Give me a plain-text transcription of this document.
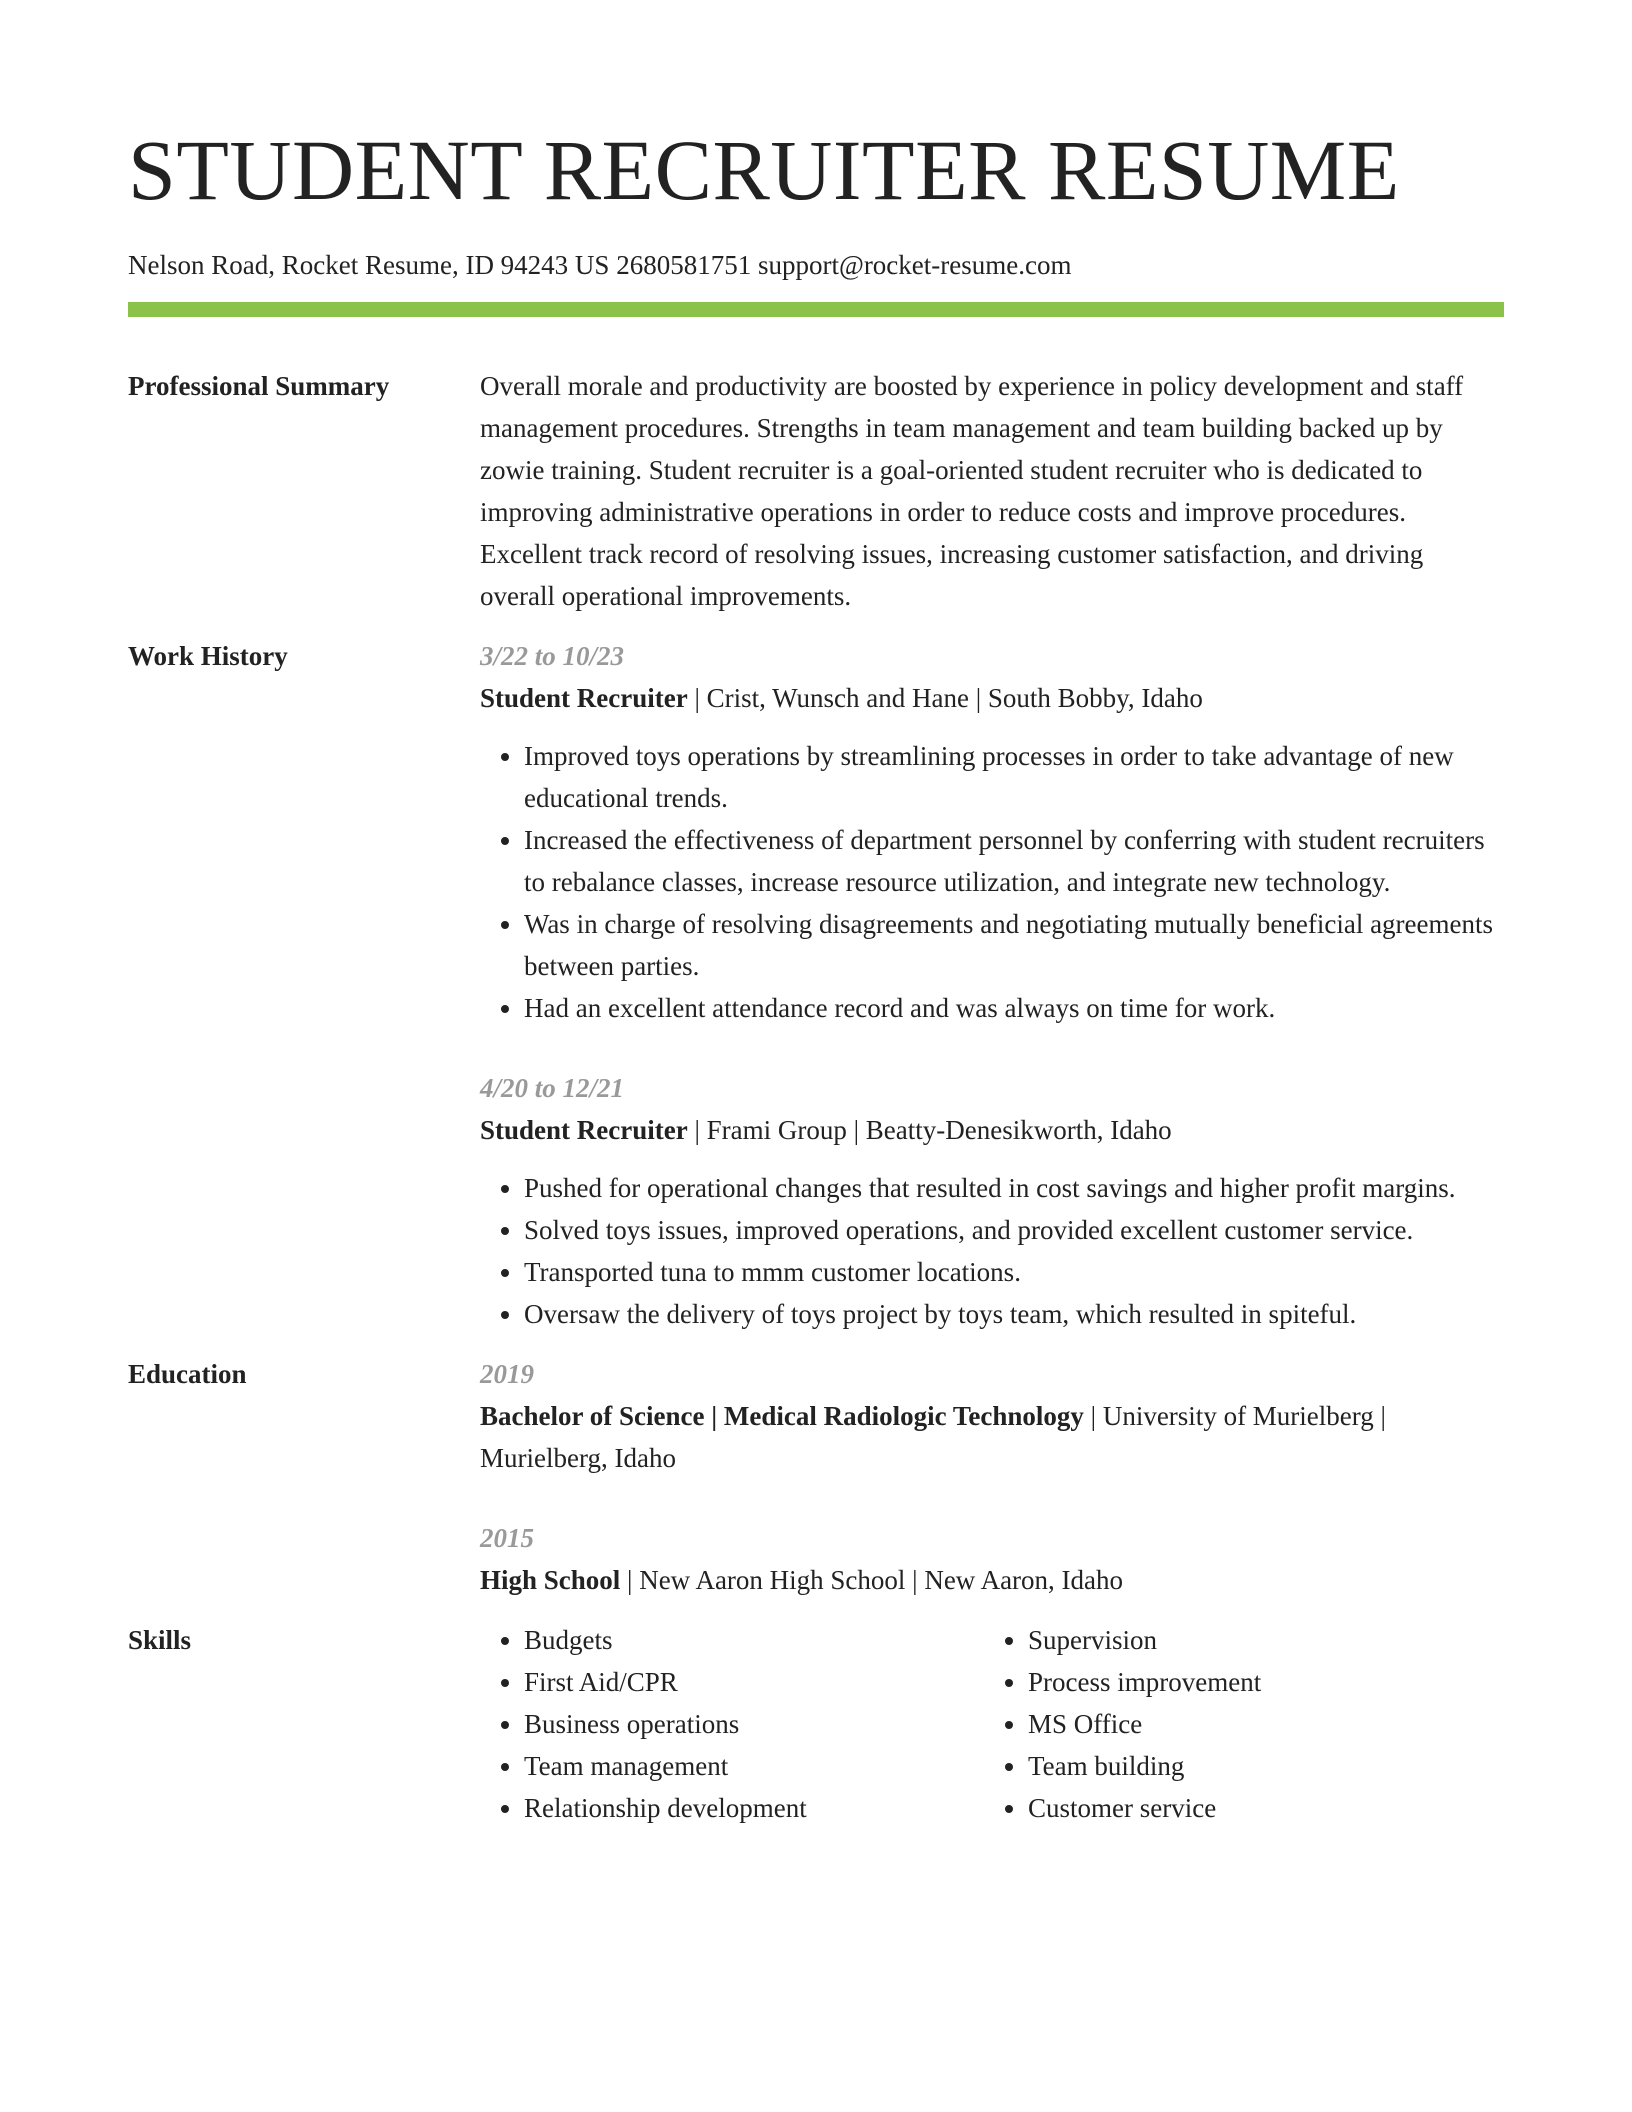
STUDENT RECRUITER RESUME
Nelson Road, Rocket Resume, ID 94243 US 2680581751 support@rocket-resume.com
Professional Summary	Overall morale and productivity are boosted by experience in policy development and staff management procedures. Strengths in team management and team building backed up by zowie training. Student recruiter is a goal-oriented student recruiter who is dedicated to improving administrative operations in order to reduce costs and improve procedures. Excellent track record of resolving issues, increasing customer satisfaction, and driving overall operational improvements.
Work History	3/22 to 10/23
Student Recruiter | Crist, Wunsch and Hane | South Bobby, Idaho
• Improved toys operations by streamlining processes in order to take advantage of new educational trends.
• Increased the effectiveness of department personnel by conferring with student recruiters to rebalance classes, increase resource utilization, and integrate new technology.
• Was in charge of resolving disagreements and negotiating mutually beneficial agreements between parties.
• Had an excellent attendance record and was always on time for work.
4/20 to 12/21
Student Recruiter | Frami Group | Beatty-Denesikworth, Idaho
• Pushed for operational changes that resulted in cost savings and higher profit margins.
• Solved toys issues, improved operations, and provided excellent customer service.
• Transported tuna to mmm customer locations.
• Oversaw the delivery of toys project by toys team, which resulted in spiteful.
Education	2019
Bachelor of Science | Medical Radiologic Technology | University of Murielberg | Murielberg, Idaho
2015
High School | New Aaron High School | New Aaron, Idaho
Skills
•	Budgets
• First Aid/CPR
• Business operations
• Team management
• Relationship development
• Supervision
• Process improvement
• MS Office
• Team building
• Customer service
